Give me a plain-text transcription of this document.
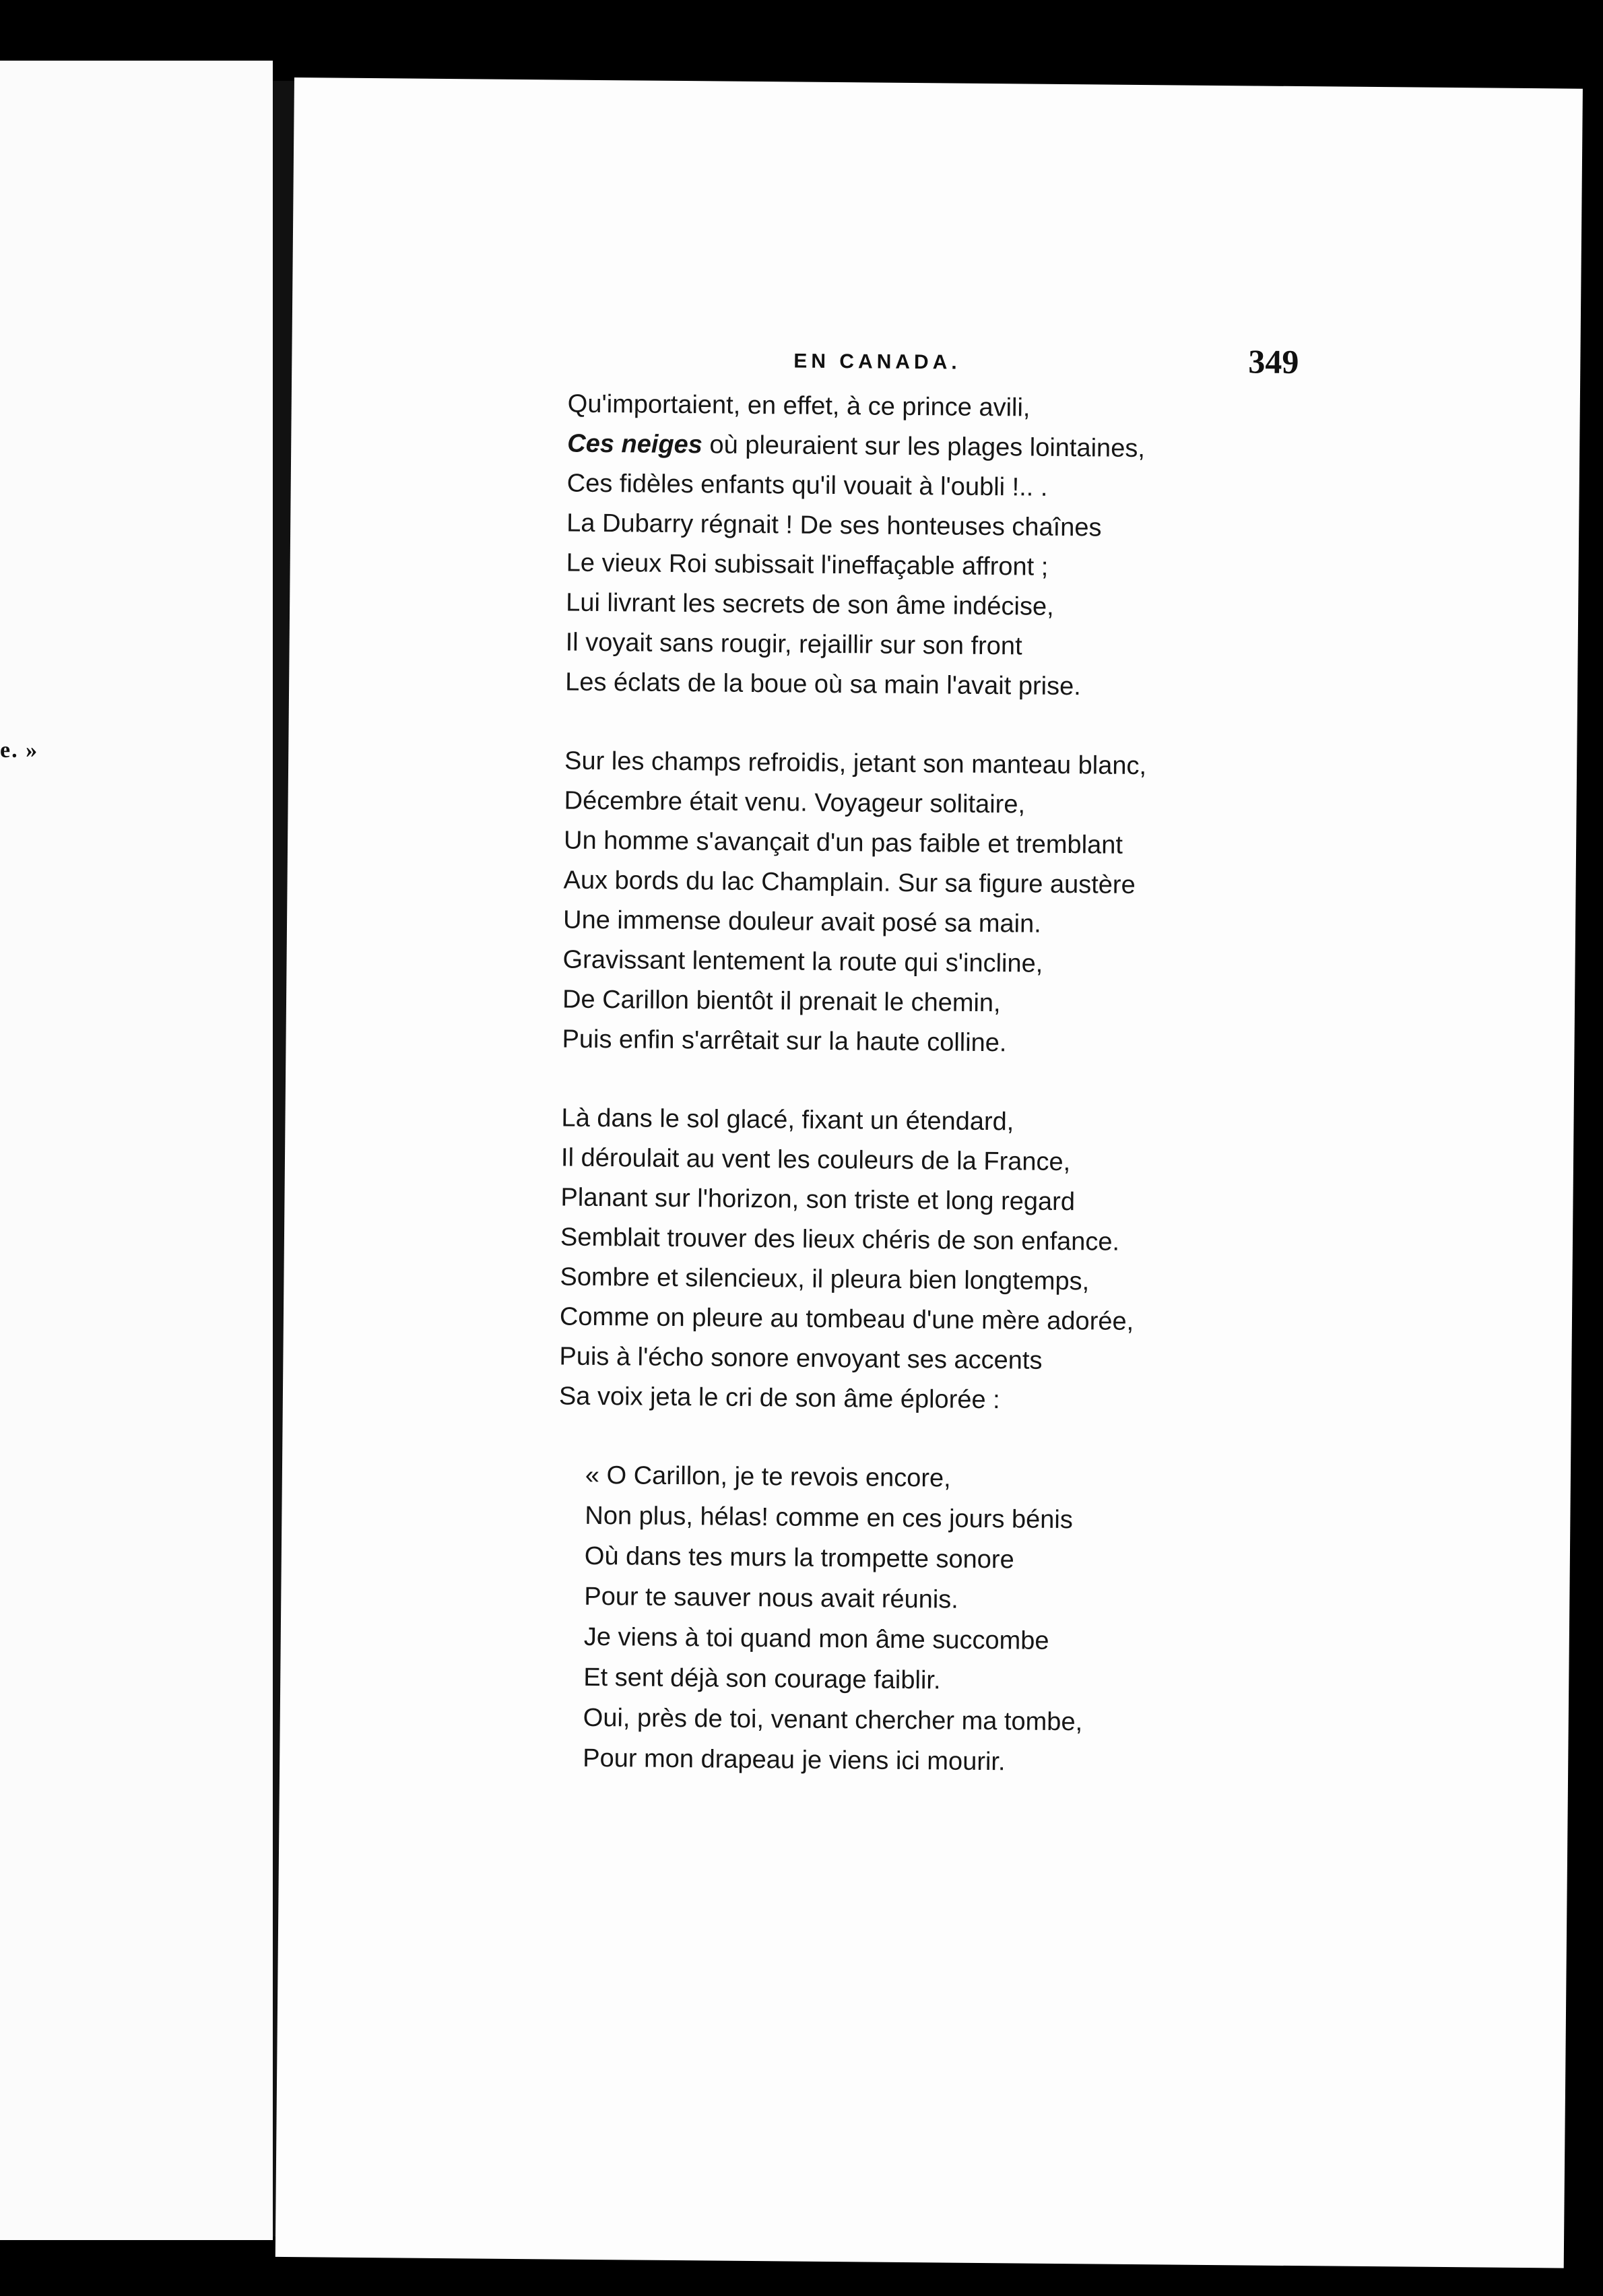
e. »
EN CANADA.	349
Qu'importaient, en effet, à ce prince avili,
Ces neiges où pleuraient sur les plages lointaines,
Ces fidèles enfants qu'il vouait à l'oubli !.. .
La Dubarry régnait ! De ses honteuses chaînes
Le vieux Roi subissait l'ineffaçable affront ;
Lui livrant les secrets de son âme indécise,
Il voyait sans rougir, rejaillir sur son front
Les éclats de la boue où sa main l'avait prise.
Sur les champs refroidis, jetant son manteau blanc,
Décembre était venu. Voyageur solitaire,
Un homme s'avançait d'un pas faible et tremblant
Aux bords du lac Champlain. Sur sa figure austère
Une immense douleur avait posé sa main.
Gravissant lentement la route qui s'incline,
De Carillon bientôt il prenait le chemin,
Puis enfin s'arrêtait sur la haute colline.
Là dans le sol glacé, fixant un étendard,
Il déroulait au vent les couleurs de la France,
Planant sur l'horizon, son triste et long regard
Semblait trouver des lieux chéris de son enfance.
Sombre et silencieux, il pleura bien longtemps,
Comme on pleure au tombeau d'une mère adorée,
Puis à l'écho sonore envoyant ses accents
Sa voix jeta le cri de son âme éplorée :
« O Carillon, je te revois encore,
Non plus, hélas! comme en ces jours bénis
Où dans tes murs la trompette sonore
Pour te sauver nous avait réunis.
Je viens à toi quand mon âme succombe
Et sent déjà son courage faiblir.
Oui, près de toi, venant chercher ma tombe,
Pour mon drapeau je viens ici mourir.
